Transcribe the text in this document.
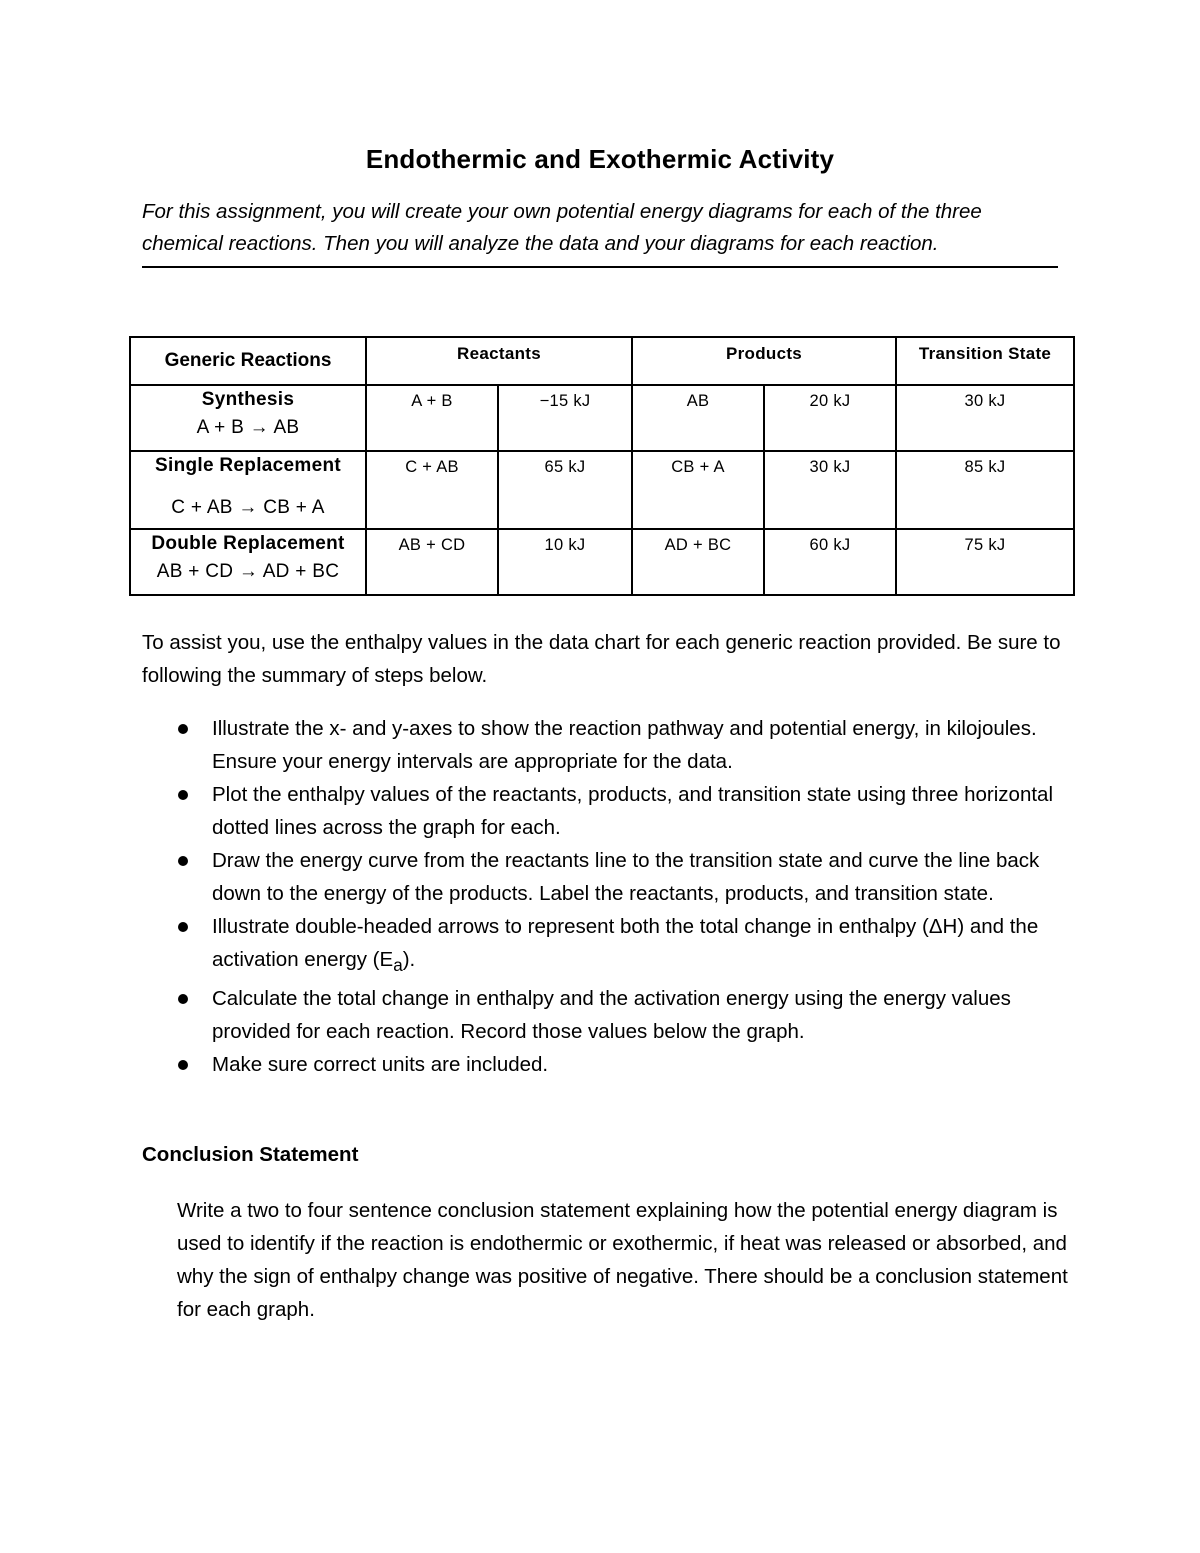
Endothermic and Exothermic Activity
For this assignment, you will create your own potential energy diagrams for each of the three chemical reactions. Then you will analyze the data and your diagrams for each reaction.
Generic Reactions	Reactants		Products		Transition State
Synthesis
A + B → AB	A + B	−15 kJ	AB	20 kJ	30 kJ
Single Replacement
C + AB → CB + A	C + AB	65 kJ	CB + A	30 kJ	85 kJ
Double Replacement
AB + CD → AD + BC	AB + CD	10 kJ	AD + BC	60 kJ	75 kJ
To assist you, use the enthalpy values in the data chart for each generic reaction provided. Be sure to following the summary of steps below.
Illustrate the x- and y-axes to show the reaction pathway and potential energy, in kilojoules. Ensure your energy intervals are appropriate for the data.
Plot the enthalpy values of the reactants, products, and transition state using three horizontal dotted lines across the graph for each.
Draw the energy curve from the reactants line to the transition state and curve the line back down to the energy of the products. Label the reactants, products, and transition state.
Illustrate double-headed arrows to represent both the total change in enthalpy (ΔH) and the activation energy $(E_a)$.
Calculate the total change in enthalpy and the activation energy using the energy values provided for each reaction. Record those values below the graph.
Make sure correct units are included.
Conclusion Statement
Write a two to four sentence conclusion statement explaining how the potential energy diagram is used to identify if the reaction is endothermic or exothermic, if heat was released or absorbed, and why the sign of enthalpy change was positive of negative. There should be a conclusion statement for each graph.
